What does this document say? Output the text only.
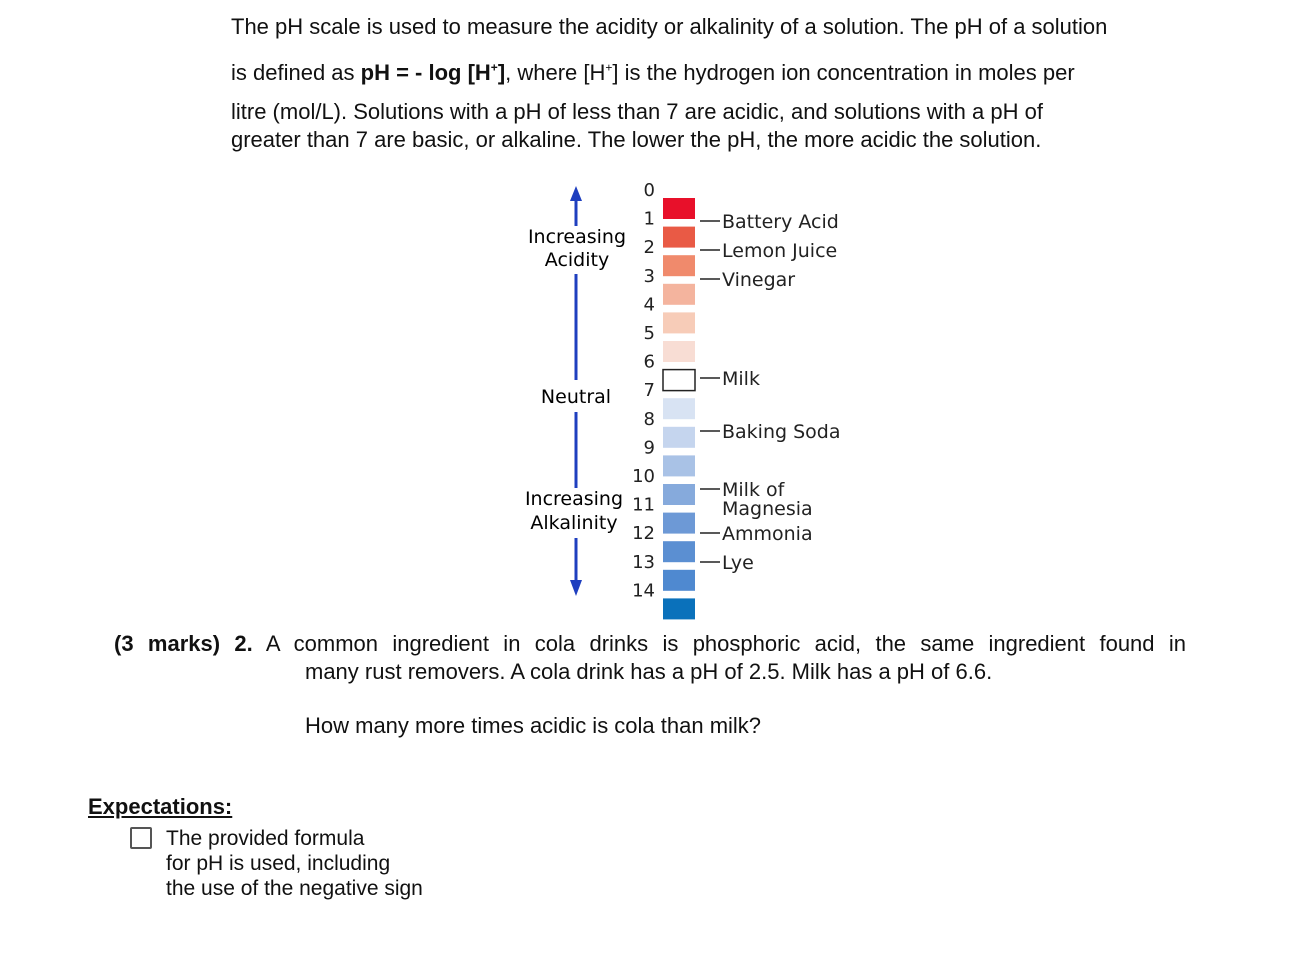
The pH scale is used to measure the acidity or alkalinity of a solution. The pH of a solution
is defined as pH = - log [H+], where [H+] is the hydrogen ion concentration in moles per
litre (mol/L). Solutions with a pH of less than 7 are acidic, and solutions with a pH of
greater than 7 are basic, or alkaline. The lower the pH, the more acidic the solution.
Increasing
Acidity
Neutral
Increasing
Alkalinity
0
1
2
3
4
5
6
7
8
9
10
11
12
13
14
Battery Acid
Lemon Juice
Vinegar
Milk
Baking Soda
Milk of
Magnesia
Ammonia
Lye
(3 marks) 2. A common ingredient in cola drinks is phosphoric acid, the same ingredient found in
many rust removers. A cola drink has a pH of 2.5. Milk has a pH of 6.6.
How many more times acidic is cola than milk?
Expectations:
The provided formula
for pH is used, including
the use of the negative sign
